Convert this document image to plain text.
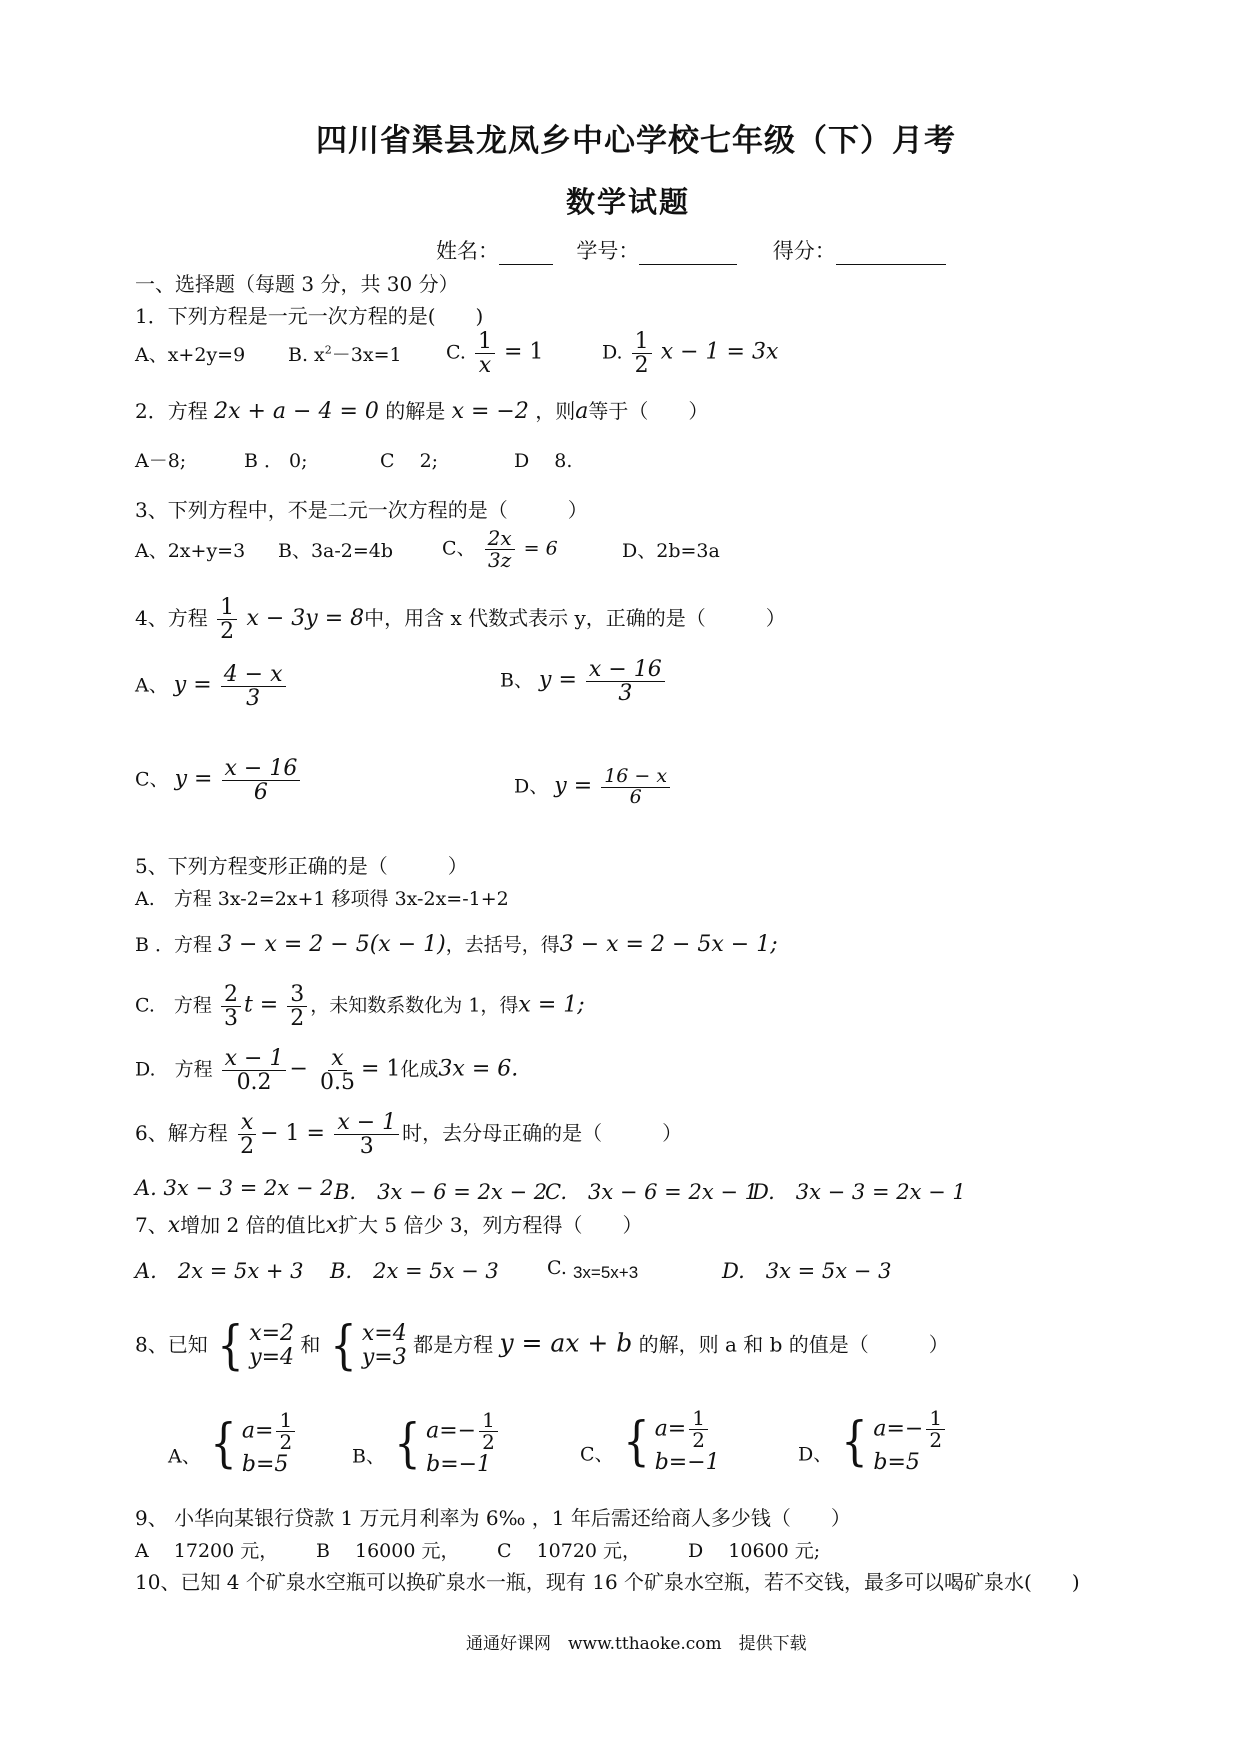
四川省渠县龙凤乡中心学校七年级（下）月考
数学试题
姓名：	学号：	得分：
一、选择题（每题 3 分，共 30 分）
1．下列方程是一元一次方程的是(　　)
A、x+2y=9 B. $x^2-3x=1$ C. $\frac{1}{x} = 1$	D. $\frac{1}{2}$ x − 1 = 3x
2．方程 2x + a − 4 = 0 的解是 x = −2 ，则a等于（　　）
A－8;	B ． 0;	C　 2;	D　 8.
3、下列方程中，不是二元一次方程的是（　　　）
A、2x+y=3 B、3a-2=4b	C、 $\frac{2x}{3z} = 6$	D、2b=3a
4、方程 $\frac{1}{2}$ x − 3y = 8中，用含 x 代数式表示 y，正确的是（　　　）
A、 $y = \frac{4 - x}{3}$	B、 $y = \frac{x - 16}{3}$
C、 $y = \frac{x - 16}{6}$	D、 $y = \frac{16 - x}{6}$
5、下列方程变形正确的是（　　　）
A.　方程 3x-2=2x+1 移项得 3x-2x=-1+2
B ．方程 3 − x = 2 − 5(x − 1)，去括号，得3 − x = 2 − 5x − 1;
C.　方程 $\frac{2}{3}$ $t = \frac{3}{2}$ ，未知数系数化为 1，得x = 1;
D.　方程 $\frac{x - 1}{0.2} - \frac{x}{0.5} = 1$化成3x = 6.
6、解方程 $\frac{x}{2} - 1 = \frac{x - 1}{3}$ 时，去分母正确的是（　　　）
A. 3x − 3 = 2x − 2 B.　3x − 6 = 2x − 2
C.　3x − 6 = 2x − 1
D.　3x − 3 = 2x − 1
7、x增加 2 倍的值比x扩大 5 倍少 3，列方程得（　　）
A.　2x = 5x + 3 B.　2x = 5x − 3	C. 3x=5x+3	D.　3x = 5x − 3
8、已知 { x=2
y=4
和 { x=4
y=3
都是方程 y = ax + b 的解，则 a 和 b 的值是（　　　）
A、 { $a= \frac{1}{2}$
b=5	B、 { $a=- \frac{1}{2}$
b=−1	C、 { $a= \frac{1}{2}$
b=−1	D、 { $a=- \frac{1}{2}$
b=5
9、 小华向某银行贷款 1 万元月利率为 6‰ ，1 年后需还给商人多少钱（　　）
A　 17200 元， B　 16000 元， C　 10720 元， D　 10600 元;
10、已知 4 个矿泉水空瓶可以换矿泉水一瓶，现有 16 个矿泉水空瓶，若不交钱，最多可以喝矿泉水(　　)
通通好课网　www.tthaoke.com　提供下载
